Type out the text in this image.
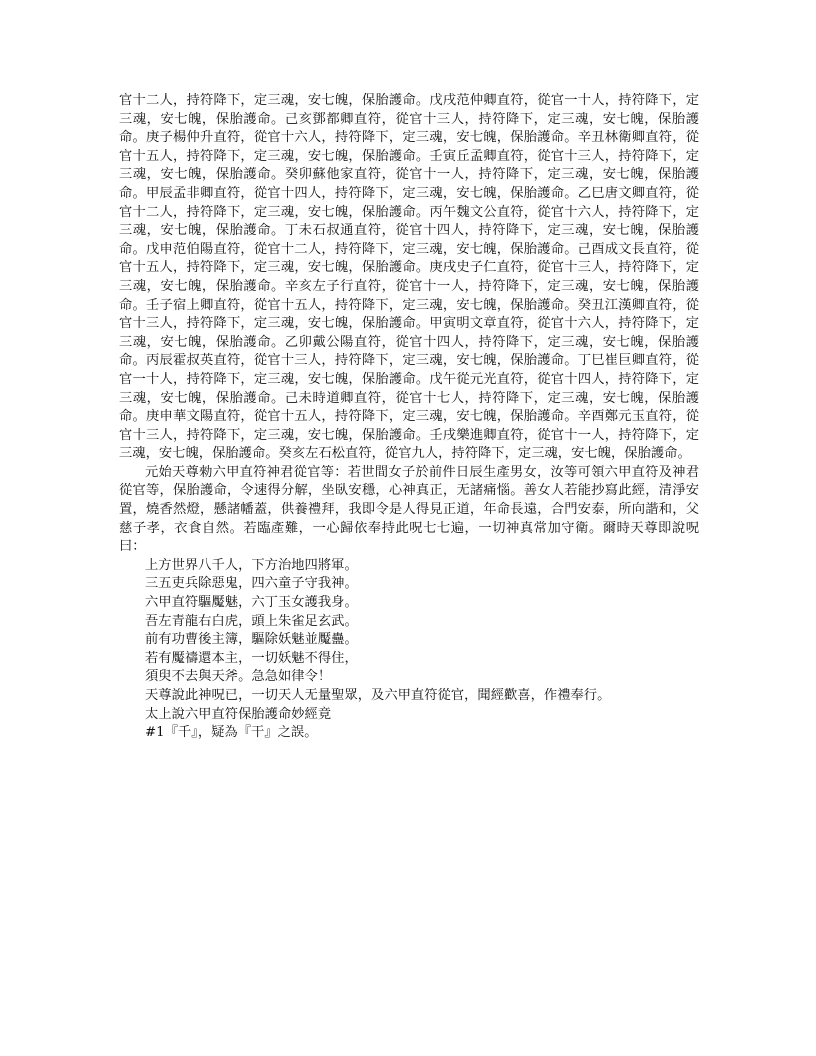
官十二人，持符降下，定三魂，安七魄，保胎護命。戊戌范仲卿直符，從官一十人，持符降下，定三魂，安七魄，保胎護命。己亥鄧都卿直符，從官十三人，持符降下，定三魂，安七魄，保胎護命。庚子楊仲升直符，從官十六人，持符降下，定三魂，安七魄，保胎護命。辛丑林衛卿直符，從官十五人，持符降下，定三魂，安七魄，保胎護命。壬寅丘孟卿直符，從官十三人，持符降下，定三魂，安七魄，保胎護命。癸卯蘇他家直符，從官十一人，持符降下，定三魂，安七魄，保胎護命。甲辰孟非卿直符，從官十四人，持符降下，定三魂，安七魄，保胎護命。乙巳唐文卿直符，從官十二人，持符降下，定三魂，安七魄，保胎護命。丙午魏文公直符，從官十六人，持符降下，定三魂，安七魄，保胎護命。丁未石叔通直符，從官十四人，持符降下，定三魂，安七魄，保胎護命。戊申范伯陽直符，從官十二人，持符降下，定三魂，安七魄，保胎護命。己酉成文長直符，從官十五人，持符降下，定三魂，安七魄，保胎護命。庚戌史子仁直符，從官十三人，持符降下，定三魂，安七魄，保胎護命。辛亥左子行直符，從官十一人，持符降下，定三魂，安七魄，保胎護命。壬子宿上卿直符，從官十五人，持符降下，定三魂，安七魄，保胎護命。癸丑江漢卿直符，從官十三人，持符降下，定三魂，安七魄，保胎護命。甲寅明文章直符，從官十六人，持符降下，定三魂，安七魄，保胎護命。乙卯戴公陽直符，從官十四人，持符降下，定三魂，安七魄，保胎護命。丙辰霍叔英直符，從官十三人，持符降下，定三魂，安七魄，保胎護命。丁巳崔巨卿直符，從官一十人，持符降下，定三魂，安七魄，保胎護命。戊午從元光直符，從官十四人，持符降下，定三魂，安七魄，保胎護命。己未時道卿直符，從官十七人，持符降下，定三魂，安七魄，保胎護命。庚申華文陽直符，從官十五人，持符降下，定三魂，安七魄，保胎護命。辛酉鄭元玉直符，從官十三人，持符降下，定三魂，安七魄，保胎護命。壬戌樂進卿直符，從官十一人，持符降下，定三魂，安七魄，保胎護命。癸亥左石松直符，從官九人，持符降下，定三魂，安七魄，保胎護命。

元始天尊勑六甲直符神君從官等：若世間女子於前件日辰生產男女，汝等可領六甲直符及神君從官等，保胎護命，令速得分解，坐臥安穩，心神真正，无諸痛惱。善女人若能抄寫此經，清淨安置，燒香然燈，懸諸幡蓋，供養禮拜，我即令是人得見正道，年命長遠，合門安泰，所向諧和，父慈子孝，衣食自然。若臨產難，一心歸依奉持此呪七七遍，一切神真常加守衛。爾時天尊即說呪曰：

上方世界八千人，下方治地四將軍。

三五吏兵除惡鬼，四六童子守我神。

六甲直符驅魘魅，六丁玉女護我身。

吾左青龍右白虎，頭上朱雀足玄武。

前有功曹後主簿，驅除妖魅並魘蠱。

若有魘禱還本主，一切妖魅不得住，

須臾不去與天斧。急急如律令！

天尊說此神呪已，一切天人无量聖眾，及六甲直符從官，聞經歡喜，作禮奉行。

太上說六甲直符保胎護命妙經竟

#1『千』，疑為『干』之誤。
